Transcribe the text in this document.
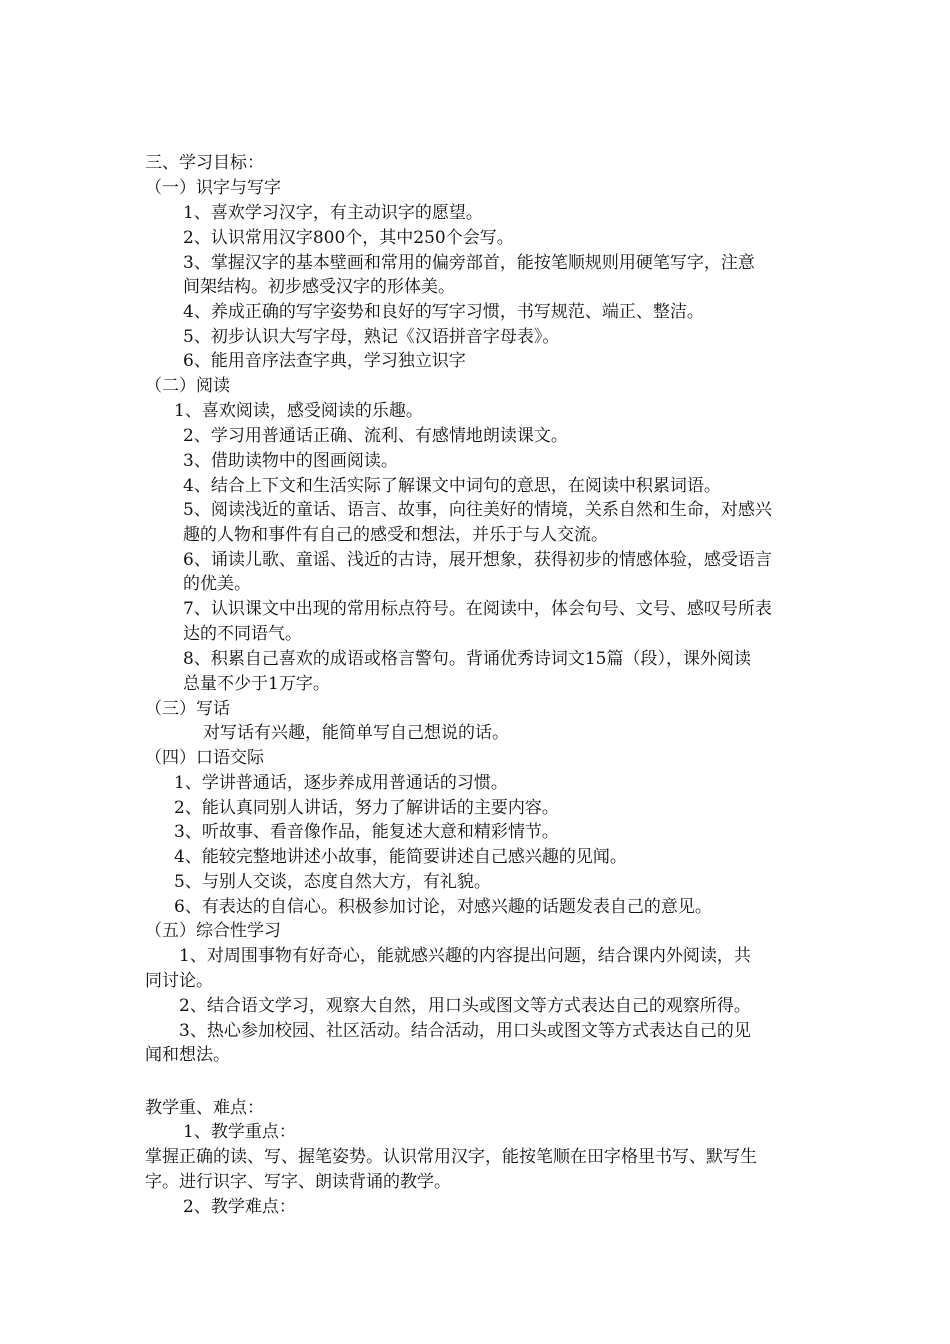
三、学习目标：
（一）识字与写字
1、喜欢学习汉字，有主动识字的愿望。
2、认识常用汉字800个，其中250个会写。
3、掌握汉字的基本壁画和常用的偏旁部首，能按笔顺规则用硬笔写字，注意
间架结构。初步感受汉字的形体美。
4、养成正确的写字姿势和良好的写字习惯，书写规范、端正、整洁。
5、初步认识大写字母，熟记《汉语拼音字母表》。
6、能用音序法查字典，学习独立识字
（二）阅读
1、喜欢阅读，感受阅读的乐趣。
2、学习用普通话正确、流利、有感情地朗读课文。
3、借助读物中的图画阅读。
4、结合上下文和生活实际了解课文中词句的意思，在阅读中积累词语。
5、阅读浅近的童话、语言、故事，向往美好的情境，关系自然和生命，对感兴
趣的人物和事件有自己的感受和想法，并乐于与人交流。
6、诵读儿歌、童谣、浅近的古诗，展开想象，获得初步的情感体验，感受语言
的优美。
7、认识课文中出现的常用标点符号。在阅读中，体会句号、文号、感叹号所表
达的不同语气。
8、积累自己喜欢的成语或格言警句。背诵优秀诗词文15篇（段），课外阅读
总量不少于1万字。
（三）写话
对写话有兴趣，能简单写自己想说的话。
（四）口语交际
1、学讲普通话，逐步养成用普通话的习惯。
2、能认真同别人讲话，努力了解讲话的主要内容。
3、听故事、看音像作品，能复述大意和精彩情节。
4、能较完整地讲述小故事，能简要讲述自己感兴趣的见闻。
5、与别人交谈，态度自然大方，有礼貌。
6、有表达的自信心。积极参加讨论，对感兴趣的话题发表自己的意见。
（五）综合性学习
1、对周围事物有好奇心，能就感兴趣的内容提出问题，结合课内外阅读，共
同讨论。
2、结合语文学习，观察大自然，用口头或图文等方式表达自己的观察所得。
3、热心参加校园、社区活动。结合活动，用口头或图文等方式表达自己的见
闻和想法。
教学重、难点：
1、教学重点：
掌握正确的读、写、握笔姿势。认识常用汉字，能按笔顺在田字格里书写、默写生
字。进行识字、写字、朗读背诵的教学。
2、教学难点：
